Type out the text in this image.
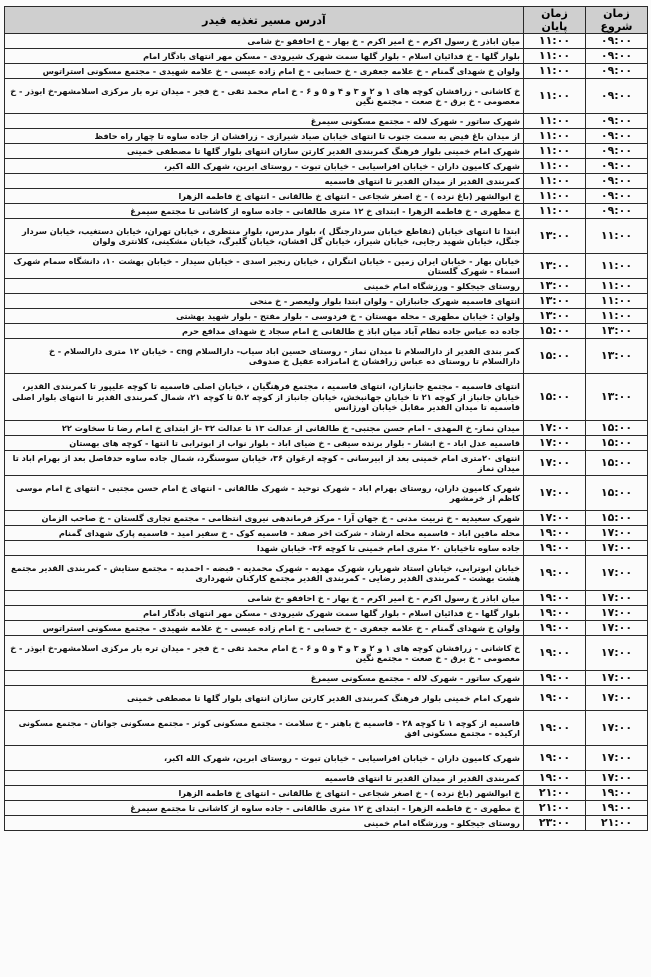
زمان شروع	زمان پایان	آدرس مسیر تغذیه فیدر
۰۹:۰۰	۱۱:۰۰	میان اباذر خ رسول اکرم - خ امیر اکرم - خ بهار - خ احافقو -خ شامی
۰۹:۰۰	۱۱:۰۰	بلوار گلها - خ فدائیان اسلام - بلوار گلها سمت شهرک شیرودی - مسکن مهر انتهای بادگار امام
۰۹:۰۰	۱۱:۰۰	ولوان خ شهدای گمنام - خ علامه جعفری - خ حسابی - خ امام زاده عیسی - خ علامه شهیدی - مجتمع مسکونی استراتوس
۰۹:۰۰	۱۱:۰۰	خ کاشانی - زرافشان کوچه های ۱ و ۲ و ۳ و ۴ و ۵ و ۶ - خ امام محمد تقی - خ فجر - میدان تره بار مرکزی اسلامشهر-خ ابوذر - خ معصومی - خ برق - خ صعت - مجتمع نگین
۰۹:۰۰	۱۱:۰۰	شهرک ساتور - شهرک لاله - مجتمع مسکونی سیمرغ
۰۹:۰۰	۱۱:۰۰	از میدان باغ فیض به سمت جنوب تا انتهای خیابان صیاد شیرازی - زرافشان از جاده ساوه تا چهار راه حافظ
۰۹:۰۰	۱۱:۰۰	شهرک امام خمینی بلوار فرهنگ کمربندی القدیر کارتن سازان انتهای بلوار گلها تا مصطفی خمینی
۰۹:۰۰	۱۱:۰۰	شهرک کامیون داران - خیابان افراسیابی - خیابان تبوت - روستای ابرین، شهرک الله اکبر،
۰۹:۰۰	۱۱:۰۰	کمربندی القدیر از میدان القدیر تا انتهای قاسمیه
۰۹:۰۰	۱۱:۰۰	خ ابوالشهر (باغ نرده ) - خ اصغر شجاعی - انتهای خ طالقانی - انتهای خ فاطمه الزهرا
۰۹:۰۰	۱۱:۰۰	خ مطهری - خ فاطمه الزهرا - ابتدای خ ۱۲ متری طالقانی - جاده ساوه از کاشانی تا مجتمع سیمرغ
۱۱:۰۰	۱۳:۰۰	ابتدا تا انتهای خیابان (تقاطع خیابان سردارجنگل )، بلوار مدرس، بلوار منتظری ، خیابان تهران، خیابان دستغیب، خیابان سردار جنگل، خیابان شهید رجایی، خیابان شیراز، خیابان گل افشان، خیابان گلبرگ، خیابان مشکینی، کلانتری ولوان
۱۱:۰۰	۱۳:۰۰	خیابان بهار - خیابان ایران زمین - خیابان انتگران ، خیابان رنجبر اسدی - خیابان سیدار - خیابان بهشت ۱۰، دانشگاه سمام شهرک اسماء - شهرک گلستان
۱۱:۰۰	۱۳:۰۰	روستای جیجکلو - ورزشگاه امام خمینی
۱۱:۰۰	۱۳:۰۰	انتهای قاسمیه شهرک جانبازان - ولوان ابتدا بلوار ولیعصر - خ منحی
۱۱:۰۰	۱۳:۰۰	ولوان : خیابان مطهری - محله مهستان - خ فردوسی - بلوار مفتح - بلوار شهید بهشتی
۱۳:۰۰	۱۵:۰۰	جاده ده عباس جاده نظام آباد میان اباذ خ طالقانی خ امام سجاد خ شهدای مدافع حرم
۱۳:۰۰	۱۵:۰۰	کمر بندی القدیر از دارالسلام تا میدان نماز - روستای حسین اباد سیاب- دارالسلام cng - خیابان ۱۲ متری دارالسلام - خ دارالسلام تا روستای ده عباس زرافشان خ امامزاده عقیل خ صدوقی
۱۳:۰۰	۱۵:۰۰	انتهای قاسمیه - مجتمع جانبازان، انتهای قاسمیه ، مجتمع فرهنگیان ، خیابان اصلی قاسمیه تا کوچه علیپور تا کمربندی القدیر، خیابان جانباز از کوچه ۲۱ تا خیابان جهانبخش، خیابان جانباز از کوچه ۵.۲ تا کوچه ۲۱، شمال کمربندی القدیر تا انتهای بلوار اصلی قاسمیه تا میدان القدیر مقابل خیابان اورژانس
۱۵:۰۰	۱۷:۰۰	میدان نماز- خ المهدی - امام حسن مجتبی- خ طالقانی از عدالت ۱۳ تا عدالت ۳۲ -از ابتدای خ امام رضا تا سخاوت ۲۲
۱۵:۰۰	۱۷:۰۰	قاسمیه عدل اباد - خ ابشار - بلوار برنده سیقی - خ ضیای اباد - بلوار نواب از ابوترابی تا انتها - کوچه های بهستان
۱۵:۰۰	۱۷:۰۰	انتهای ۲۰متری امام خمینی بعد از ابیرسانی - کوچه ارغوان ۳۶، خیابان سوسنگرد، شمال جاده ساوه حدفاصل بعد از بهرام اباد تا میدان نماز
۱۵:۰۰	۱۷:۰۰	شهرک کامیون داران، روستای بهرام اباد - شهرک توحید - شهرک طالقانی - انتهای خ امام حسن مجتبی - انتهای خ امام موسی کاظم از خرمشهر
۱۵:۰۰	۱۷:۰۰	شهرک سعیدیه - خ تربیت مدنی - خ جهان آرا - مرکز فرماندهی نیروی انتظامی - مجتمع تجاری گلستان - خ صاحب الزمان
۱۷:۰۰	۱۹:۰۰	محله مافین اباد - قاسمیه محله ارشاد - شرکت اخر صفد - قاسمیه کوک - خ سفیر امید - قاسمیه پارک شهدای گمنام
۱۷:۰۰	۱۹:۰۰	جاده ساوه تاخیابان ۲۰ متری امام خمینی تا کوچه ۳۶- خیابان شهدا
۱۷:۰۰	۱۹:۰۰	خیابان ابوترابی، خیابان استاد شهریار، شهرک مهدیه - شهرک محمدیه - قبضه - احمدیه - مجتمع ستایش - کمربندی القدیر مجتمع هشت بهشت - کمربندی القدیر رضایی - کمربندی القدیر مجتمع کارکنان شهرداری
۱۷:۰۰	۱۹:۰۰	میان اباذر خ رسول اکرم - خ امیر اکرم - خ بهار - خ احافقو -خ شامی
۱۷:۰۰	۱۹:۰۰	بلوار گلها - خ فدائیان اسلام - بلوار گلها سمت شهرک شیرودی - مسکن مهر انتهای بادگار امام
۱۷:۰۰	۱۹:۰۰	ولوان خ شهدای گمنام - خ علامه جعفری - خ حسابی - خ امام زاده عیسی - خ علامه شهیدی - مجتمع مسکونی استراتوس
۱۷:۰۰	۱۹:۰۰	خ کاشانی - زرافشان کوچه های ۱ و ۲ و ۳ و ۴ و ۵ و ۶ - خ امام محمد تقی - خ فجر - میدان تره بار مرکزی اسلامشهر-خ ابوذر - خ معصومی - خ برق - خ صعت - مجتمع نگین
۱۷:۰۰	۱۹:۰۰	شهرک ساتور - شهرک لاله - مجتمع مسکونی سیمرغ
۱۷:۰۰	۱۹:۰۰	شهرک امام خمینی بلوار فرهنگ کمربندی القدیر کارتن سازان انتهای بلوار گلها تا مصطفی خمینی
۱۷:۰۰	۱۹:۰۰	قاسمیه از کوچه ۱ تا کوچه ۲۸ - قاسمیه خ باهنر - خ سلامت - مجتمع مسکونی کوثر - مجتمع مسکونی جوانان - مجتمع مسکونی ارکیده - مجتمع مسکونی افق
۱۷:۰۰	۱۹:۰۰	شهرک کامیون داران - خیابان افراسیابی - خیابان تبوت - روستای ابرین، شهرک الله اکبر،
۱۷:۰۰	۱۹:۰۰	کمربندی القدیر از میدان القدیر تا انتهای قاسمیه
۱۹:۰۰	۲۱:۰۰	خ ابوالشهر (باغ نرده ) - خ اصغر شجاعی - انتهای خ طالقانی - انتهای خ فاطمه الزهرا
۱۹:۰۰	۲۱:۰۰	خ مطهری - خ فاطمه الزهرا - ابتدای خ ۱۲ متری طالقانی - جاده ساوه از کاشانی تا مجتمع سیمرغ
۲۱:۰۰	۲۳:۰۰	روستای جیجکلو - ورزشگاه امام خمینی
